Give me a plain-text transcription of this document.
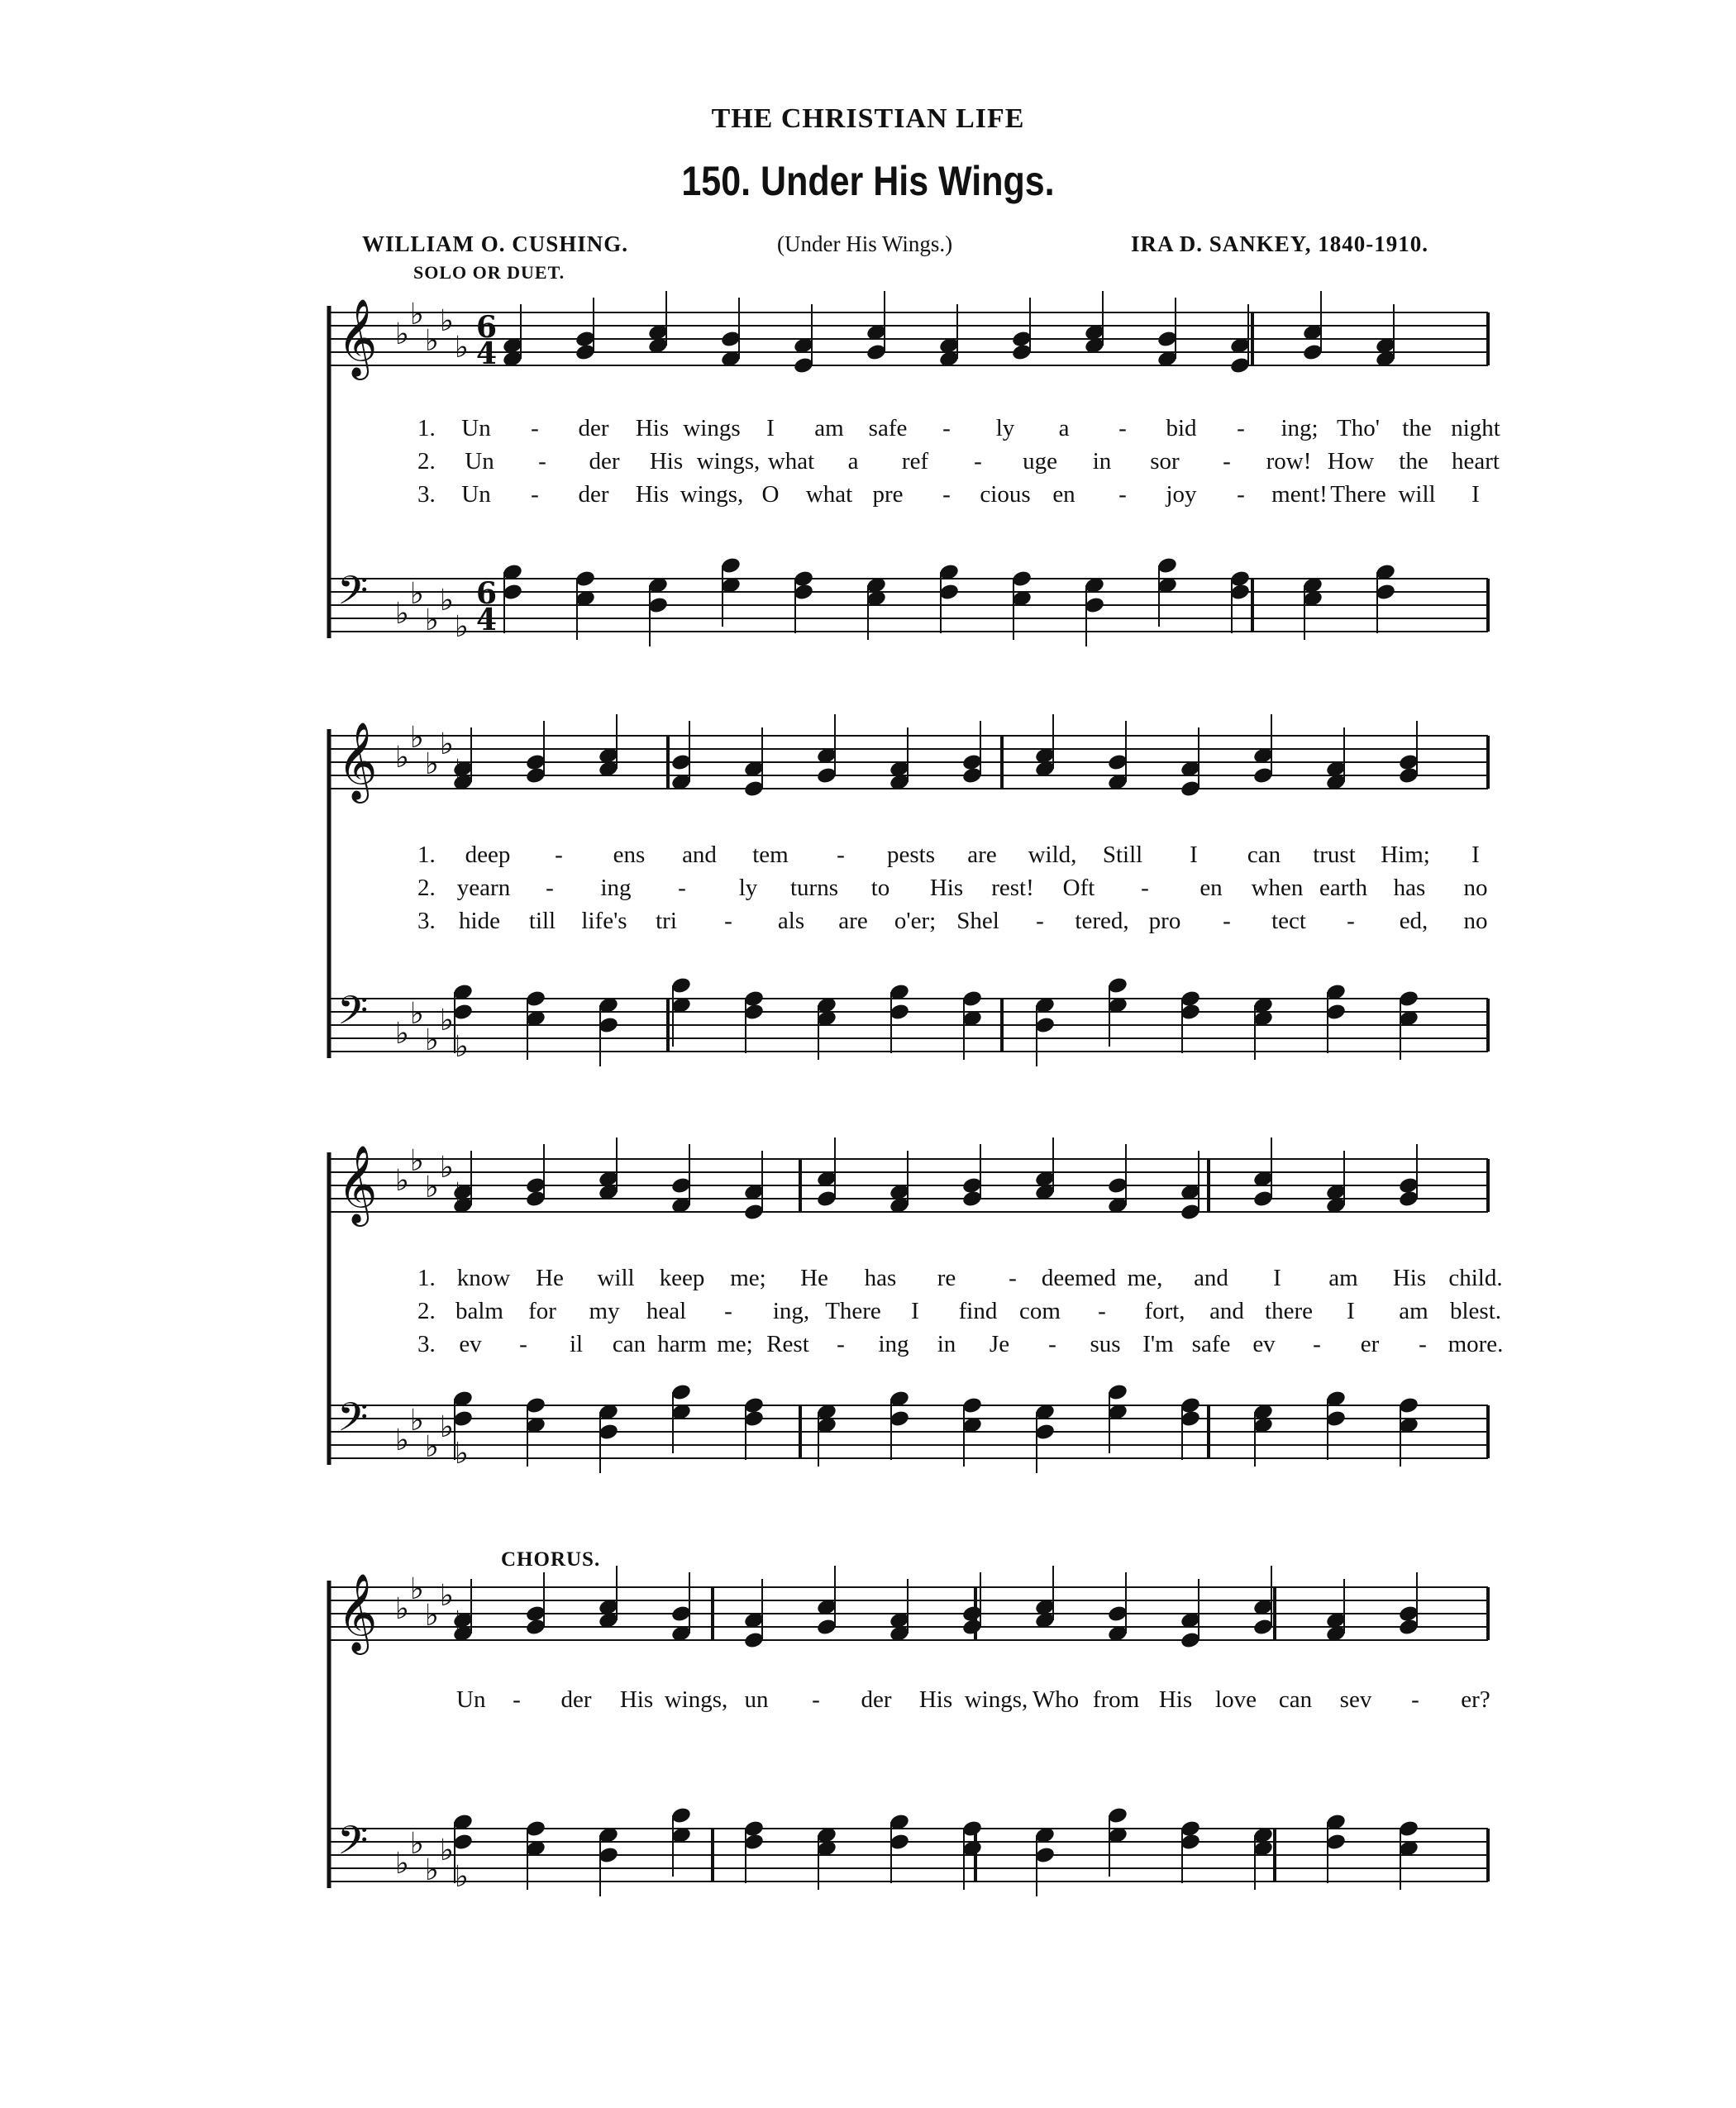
THE CHRISTIAN LIFE
150. Under His Wings.
WILLIAM O. CUSHING.	(Under His Wings.)	IRA D. SANKEY, 1840-1910.
SOLO OR DUET.
CHORUS.
𝄞 ♭
♭
♭
♭
♭
6
4
𝄢 ♭
♭
♭
♭
♭
6
4
𝄞 ♭
♭
♭
♭
𝄢 ♭
♭
♭
♭
♭
𝄞 ♭
♭
♭
♭
𝄢 ♭
♭
♭
♭
♭
𝄞 ♭
♭
♭
♭
𝄢 ♭
♭
♭
♭
♭
1. Un - der His wings I am safe - ly a - bid - ing; Tho' the night
2. Un - der His wings, what a ref - uge in sor - row! How the heart
3. Un - der His wings, O what pre - cious en - joy - ment! There will I
1. deep - ens and tem - pests are wild, Still I can trust Him; I
2. yearn - ing - ly turns to His rest! Oft - en when earth has no
3. hide till life's tri - als are o'er; Shel - tered, pro - tect - ed, no
1. know He will keep me; He has re - deemed me, and I am His child.
2. balm for my heal - ing, There I find com - fort, and there I am blest.
3. ev - il can harm me; Rest - ing in Je - sus I'm safe ev - er - more.
Un - der His wings, un - der His wings, Who from His love can sev - er?
